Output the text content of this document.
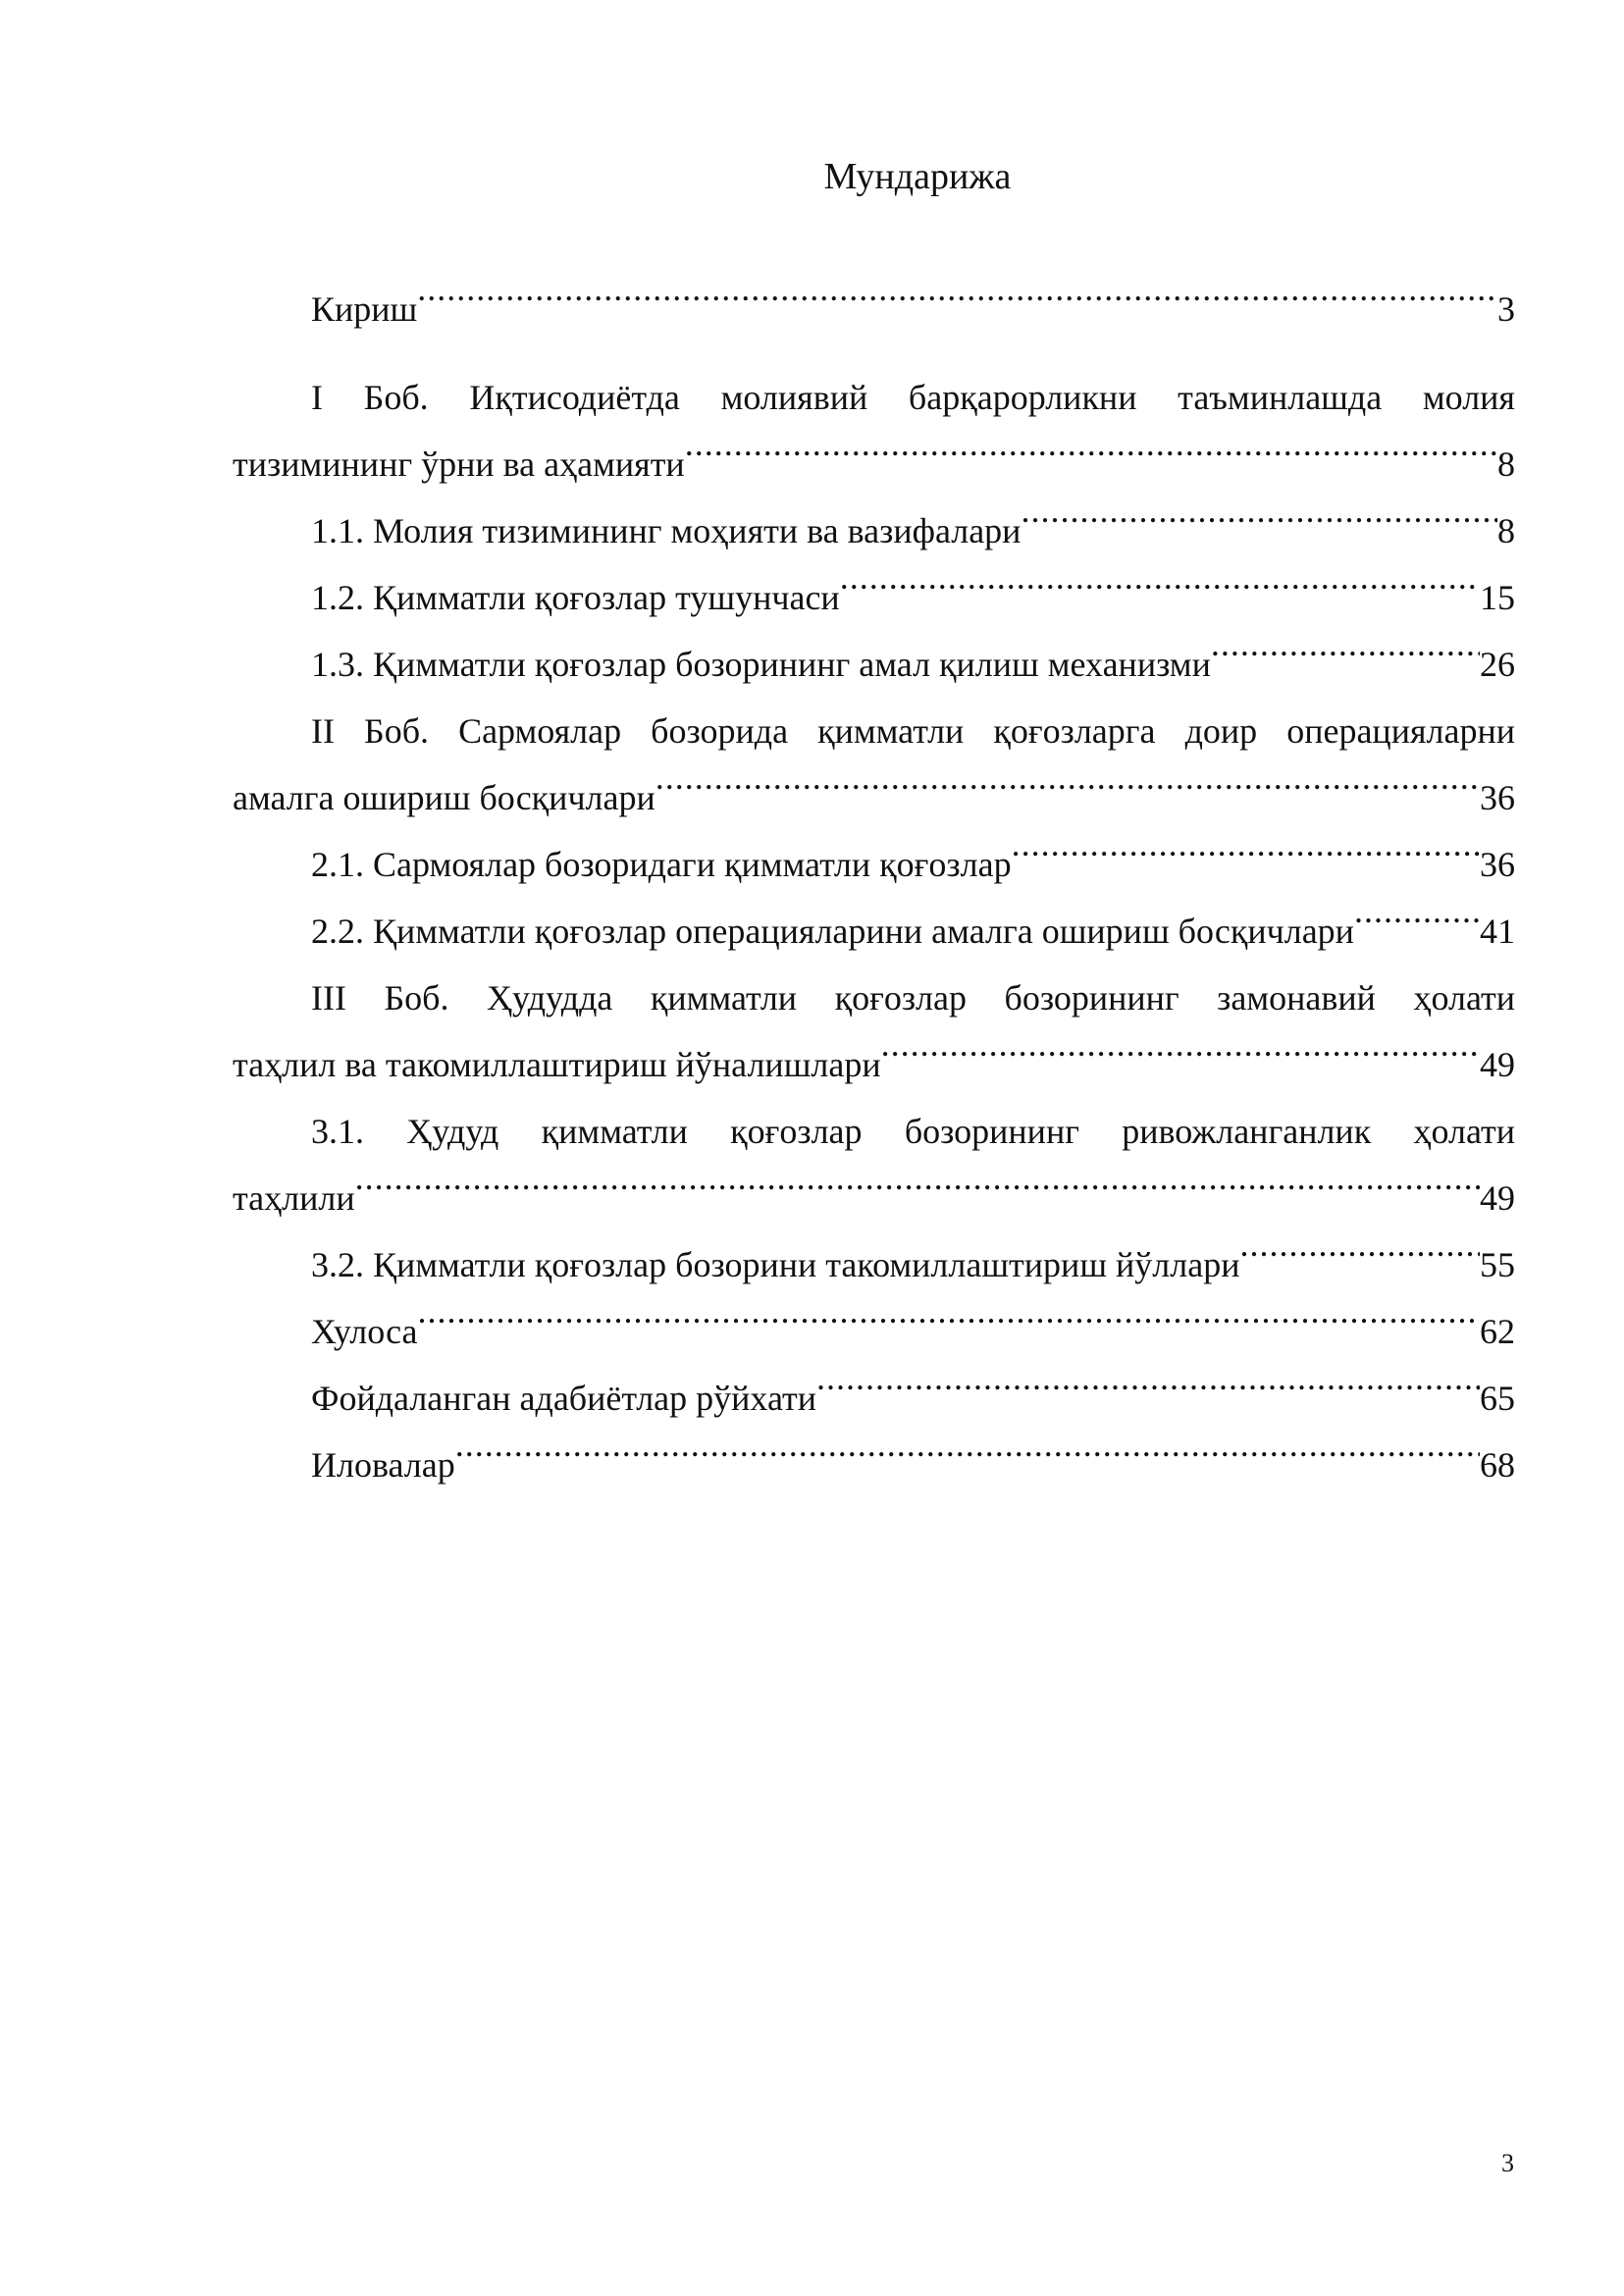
Мундарижа
Кириш .....	3
I Боб. Иқтисодиётда молиявий барқарорликни таъминлашда молия
тизимининг ўрни ва аҳамияти .....	8
1.1. Молия тизимининг моҳияти ва вазифалари .....	8
1.2. Қимматли қоғозлар тушунчаси .....	15
1.3. Қимматли қоғозлар бозорининг амал қилиш механизми .....	26
II Боб. Сармоялар бозорида қимматли қоғозларга доир операцияларни
амалга ошириш босқичлари .....	36
2.1. Сармоялар бозоридаги қимматли қоғозлар .....	36
2.2. Қимматли қоғозлар операцияларини амалга ошириш босқичлари .....	41
III Боб. Ҳудудда қимматли қоғозлар бозорининг замонавий ҳолати
таҳлил ва такомиллаштириш йўналишлари .....	49
3.1. Ҳудуд қимматли қоғозлар бозорининг ривожланганлик ҳолати
таҳлили .....	49
3.2. Қимматли қоғозлар бозорини такомиллаштириш йўллари .....	55
Хулоса .....	62
Фойдаланган адабиётлар рўйхати .....	65
Иловалар .....	68
3
